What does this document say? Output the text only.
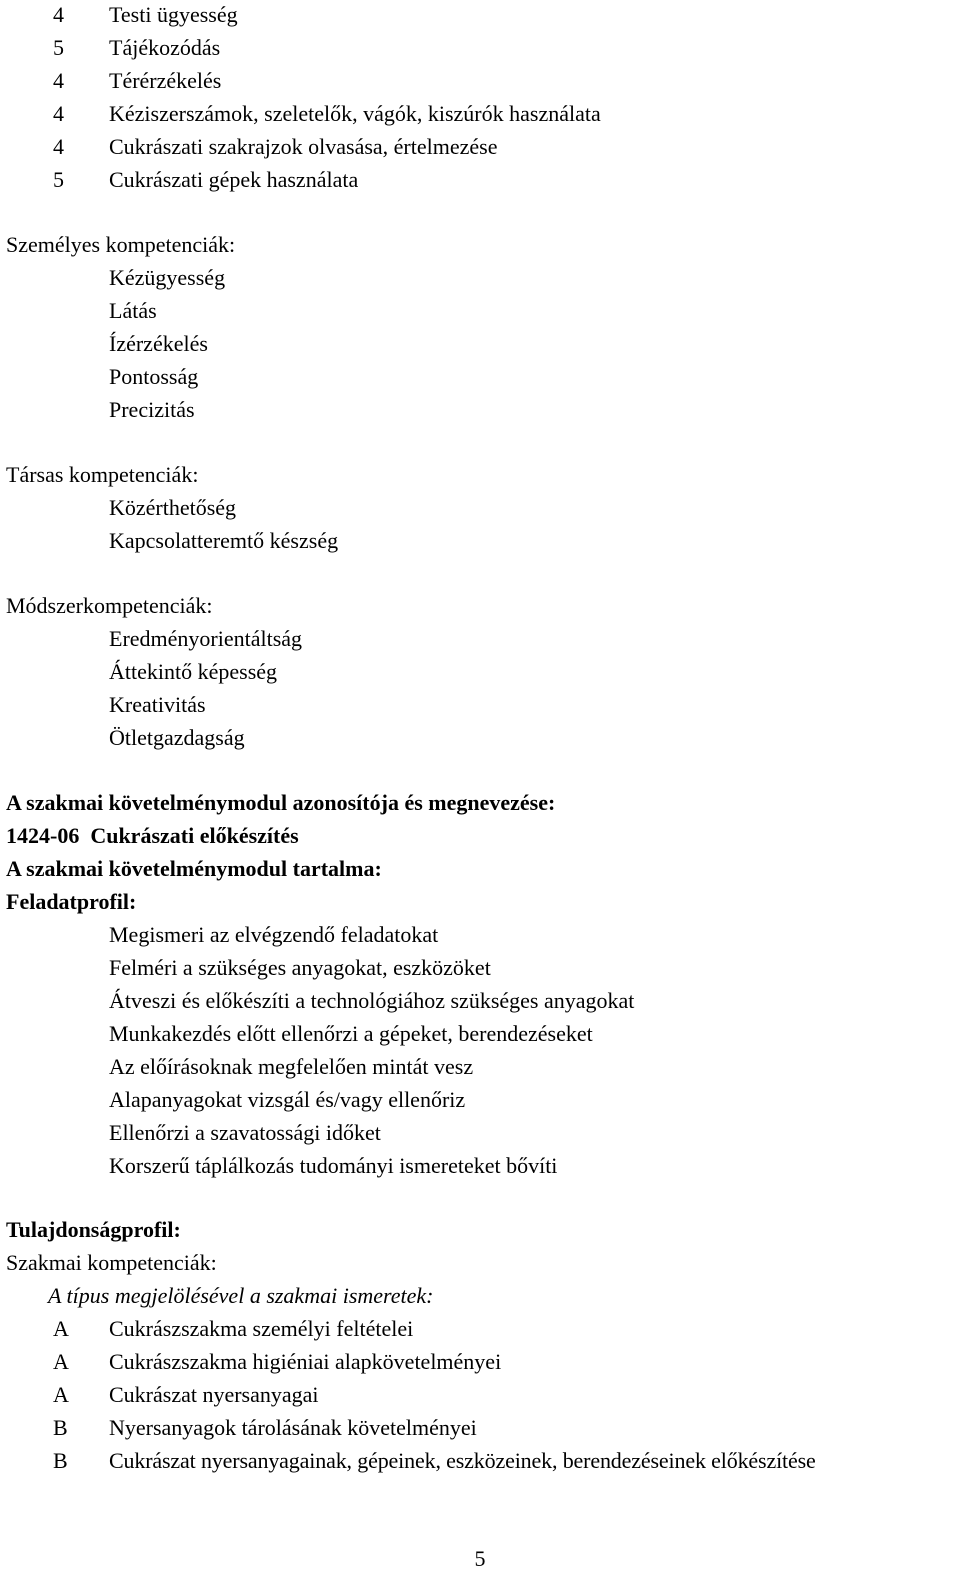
4 Testi ügyesség
5 Tájékozódás
4 Térérzékelés
4 Kéziszerszámok, szeletelők, vágók, kiszúrók használata
4 Cukrászati szakrajzok olvasása, értelmezése
5 Cukrászati gépek használata
Személyes kompetenciák:
Kézügyesség
Látás
Ízérzékelés
Pontosság
Precizitás
Társas kompetenciák:
Közérthetőség
Kapcsolatteremtő készség
Módszerkompetenciák:
Eredményorientáltság
Áttekintő képesség
Kreativitás
Ötletgazdagság
A szakmai követelménymodul azonosítója és megnevezése:
1424-06  Cukrászati előkészítés
A szakmai követelménymodul tartalma:
Feladatprofil:
Megismeri az elvégzendő feladatokat
Felméri a szükséges anyagokat, eszközöket
Átveszi és előkészíti a technológiához szükséges anyagokat
Munkakezdés előtt ellenőrzi a gépeket, berendezéseket
Az előírásoknak megfelelően mintát vesz
Alapanyagokat vizsgál és/vagy ellenőriz
Ellenőrzi a szavatossági időket
Korszerű táplálkozás tudományi ismereteket bővíti
Tulajdonságprofil:
Szakmai kompetenciák:
A típus megjelölésével a szakmai ismeretek:
A Cukrászszakma személyi feltételei
A Cukrászszakma higiéniai alapkövetelményei
A Cukrászat nyersanyagai
B Nyersanyagok tárolásának követelményei
B Cukrászat nyersanyagainak, gépeinek, eszközeinek, berendezéseinek előkészítése
5
